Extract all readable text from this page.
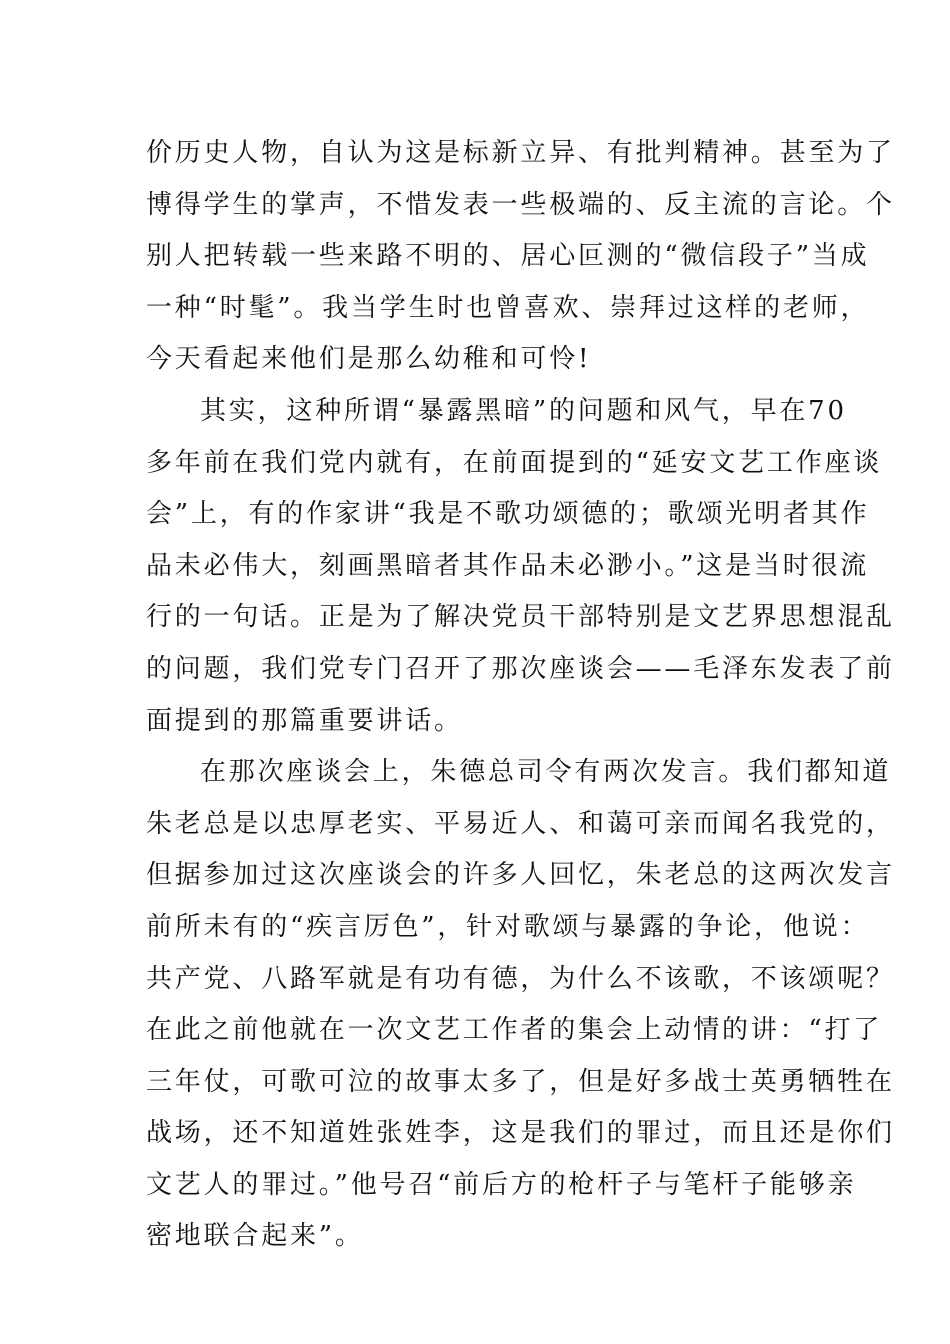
价历史人物，自认为这是标新立异、有批判精神。甚至为了
博得学生的掌声，不惜发表一些极端的、反主流的言论。个
别人把转载一些来路不明的、居心叵测的“微信段子”当成
一种“时髦”。我当学生时也曾喜欢、崇拜过这样的老师，
今天看起来他们是那么幼稚和可怜!
其实，这种所谓“暴露黑暗”的问题和风气，早在70
多年前在我们党内就有，在前面提到的“延安文艺工作座谈
会”上，有的作家讲“我是不歌功颂德的；歌颂光明者其作
品未必伟大，刻画黑暗者其作品未必渺小。”这是当时很流
行的一句话。正是为了解决党员干部特别是文艺界思想混乱
的问题，我们党专门召开了那次座谈会——毛泽东发表了前
面提到的那篇重要讲话。
在那次座谈会上，朱德总司令有两次发言。我们都知道
朱老总是以忠厚老实、平易近人、和蔼可亲而闻名我党的，
但据参加过这次座谈会的许多人回忆，朱老总的这两次发言
前所未有的“疾言厉色”，针对歌颂与暴露的争论，他说：
共产党、八路军就是有功有德，为什么不该歌，不该颂呢？
在此之前他就在一次文艺工作者的集会上动情的讲：“打了
三年仗，可歌可泣的故事太多了，但是好多战士英勇牺牲在
战场，还不知道姓张姓李，这是我们的罪过，而且还是你们
文艺人的罪过。”他号召“前后方的枪杆子与笔杆子能够亲
密地联合起来”。
